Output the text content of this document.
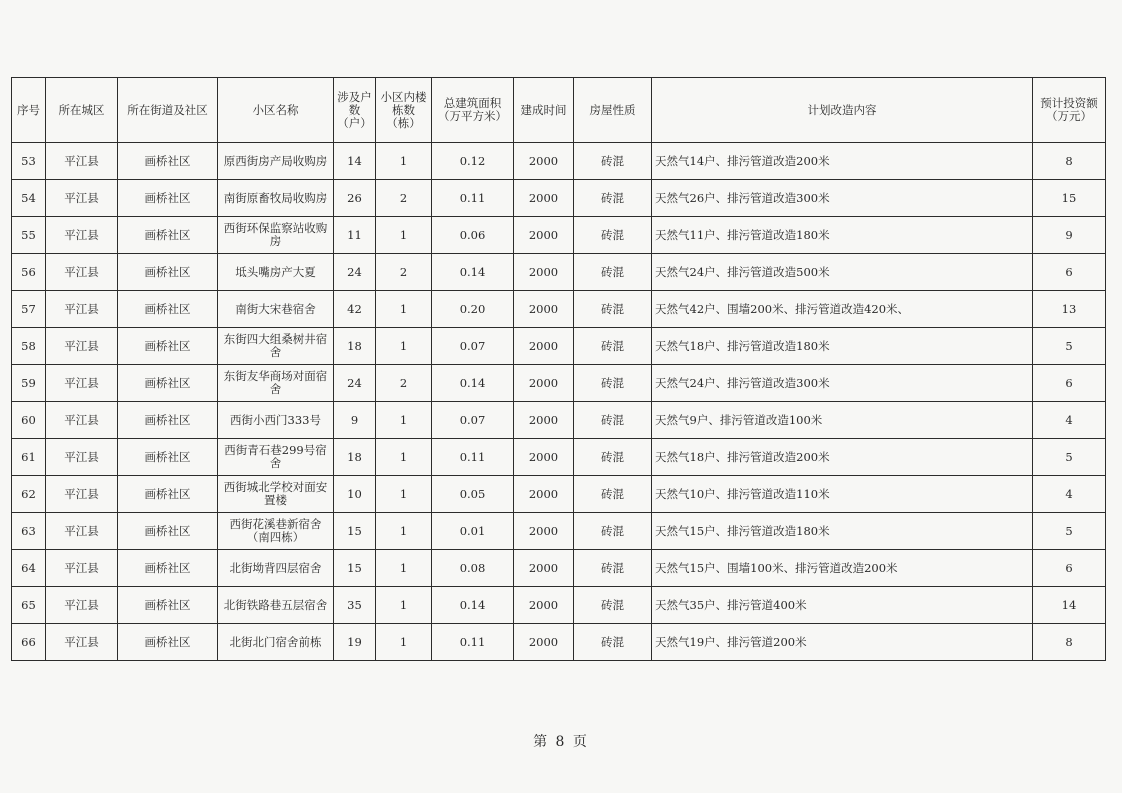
序号	所在城区	所在街道及社区	小区名称	涉及户数（户）	小区内楼栋数（栋）	总建筑面积（万平方米）	建成时间	房屋性质	计划改造内容	预计投资额（万元）
53	平江县	画桥社区	原西街房产局收购房	14	1	0.12	2000	砖混	天然气14户、排污管道改造200米	8
54	平江县	画桥社区	南街原畜牧局收购房	26	2	0.11	2000	砖混	天然气26户、排污管道改造300米	15
55	平江县	画桥社区	西街环保监察站收购房	11	1	0.06	2000	砖混	天然气11户、排污管道改造180米	9
56	平江县	画桥社区	坻头嘴房产大夏	24	2	0.14	2000	砖混	天然气24户、排污管道改造500米	6
57	平江县	画桥社区	南街大宋巷宿舍	42	1	0.20	2000	砖混	天然气42户、围墙200米、排污管道改造420米、	13
58	平江县	画桥社区	东街四大组桑树井宿舍	18	1	0.07	2000	砖混	天然气18户、排污管道改造180米	5
59	平江县	画桥社区	东街友华商场对面宿舍	24	2	0.14	2000	砖混	天然气24户、排污管道改造300米	6
60	平江县	画桥社区	西街小西门333号	9	1	0.07	2000	砖混	天然气9户、排污管道改造100米	4
61	平江县	画桥社区	西街青石巷299号宿舍	18	1	0.11	2000	砖混	天然气18户、排污管道改造200米	5
62	平江县	画桥社区	西街城北学校对面安置楼	10	1	0.05	2000	砖混	天然气10户、排污管道改造110米	4
63	平江县	画桥社区	西街花溪巷新宿舍（南四栋）	15	1	0.01	2000	砖混	天然气15户、排污管道改造180米	5
64	平江县	画桥社区	北街坳背四层宿舍	15	1	0.08	2000	砖混	天然气15户、围墙100米、排污管道改造200米	6
65	平江县	画桥社区	北街铁路巷五层宿舍	35	1	0.14	2000	砖混	天然气35户、排污管道400米	14
66	平江县	画桥社区	北街北门宿舍前栋	19	1	0.11	2000	砖混	天然气19户、排污管道200米	8
第 8 页
